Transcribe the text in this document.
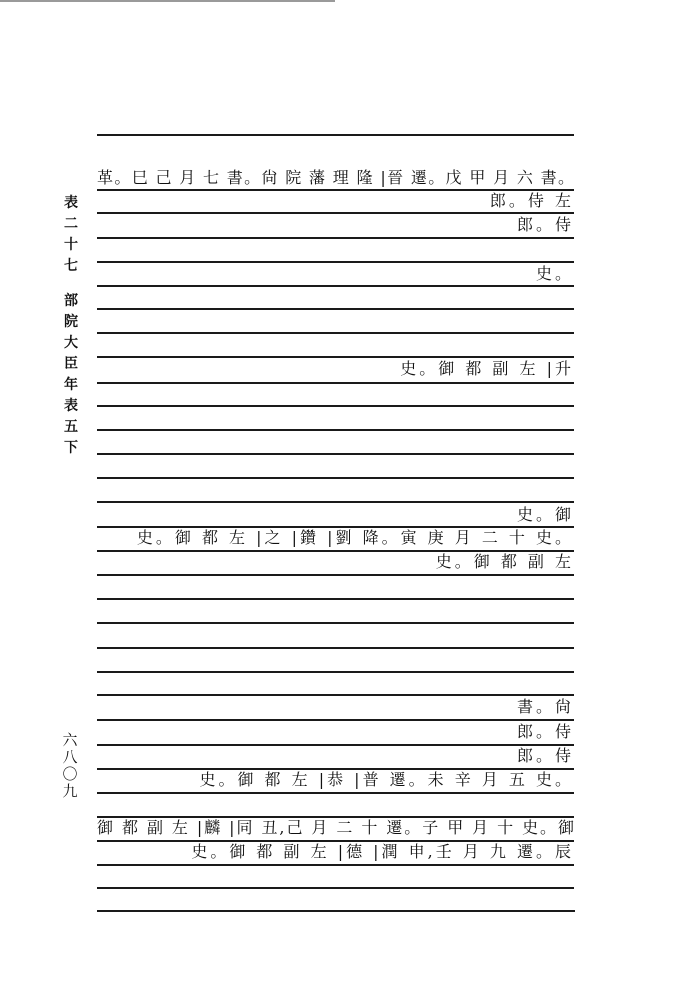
表
二
十
七
部
院
大
臣
年
表
五
下
六
八
〇
九
革。巳 己 月 七 書。尙 院 藩 理 隆 |晉 遷。戊 甲 月 六 書。
郎。侍 左
郎。侍
史。
史。御 都 副 左 |升
史。御
史。御 都 左 |之 |鑽 |劉 降。寅 庚 月 二 十 史。
史。御 都 副 左
書。尙
郎。侍
郎。侍
史。御 都 左 |恭 |普 遷。未 辛 月 五 史。
御 都 副 左 |麟 |同 丑,己 月 二 十 遷。子 甲 月 十 史。御
史。御 都 副 左 |德 |潤 申,壬 月 九 遷。辰
